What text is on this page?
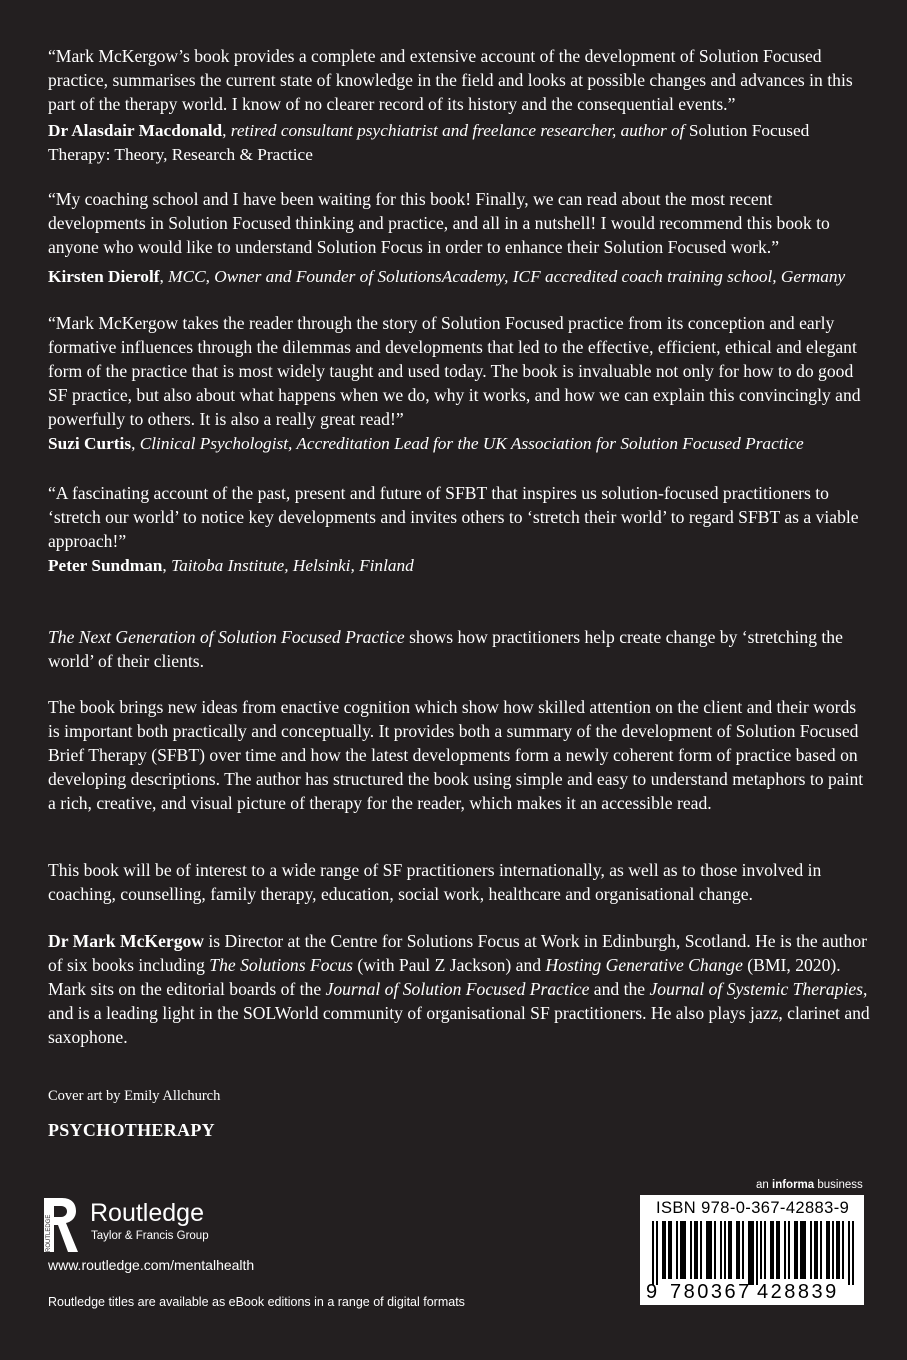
“Mark McKergow’s book provides a complete and extensive account of the development of Solution Focused practice, summarises the current state of knowledge in the field and looks at possible changes and advances in this part of the therapy world. I know of no clearer record of its history and the consequential events.”

Dr Alasdair Macdonald, retired consultant psychiatrist and freelance researcher, author of Solution Focused Therapy: Theory, Research & Practice

“My coaching school and I have been waiting for this book! Finally, we can read about the most recent developments in Solution Focused thinking and practice, and all in a nutshell! I would recommend this book to anyone who would like to understand Solution Focus in order to enhance their Solution Focused work.”

Kirsten Dierolf, MCC, Owner and Founder of SolutionsAcademy, ICF accredited coach training school, Germany

“Mark McKergow takes the reader through the story of Solution Focused practice from its conception and early formative influences through the dilemmas and developments that led to the effective, efficient, ethical and elegant form of the practice that is most widely taught and used today. The book is invaluable not only for how to do good SF practice, but also about what happens when we do, why it works, and how we can explain this convincingly and powerfully to others. It is also a really great read!”

Suzi Curtis, Clinical Psychologist, Accreditation Lead for the UK Association for Solution Focused Practice

“A fascinating account of the past, present and future of SFBT that inspires us solution-focused practitioners to ‘stretch our world’ to notice key developments and invites others to ‘stretch their world’ to regard SFBT as a viable approach!”

Peter Sundman, Taitoba Institute, Helsinki, Finland

The Next Generation of Solution Focused Practice shows how practitioners help create change by ‘stretching the world’ of their clients.

The book brings new ideas from enactive cognition which show how skilled attention on the client and their words is important both practically and conceptually. It provides both a summary of the development of Solution Focused Brief Therapy (SFBT) over time and how the latest developments form a newly coherent form of practice based on developing descriptions. The author has structured the book using simple and easy to understand metaphors to paint a rich, creative, and visual picture of therapy for the reader, which makes it an accessible read.

This book will be of interest to a wide range of SF practitioners internationally, as well as to those involved in coaching, counselling, family therapy, education, social work, healthcare and organisational change.

Dr Mark McKergow is Director at the Centre for Solutions Focus at Work in Edinburgh, Scotland. He is the author of six books including The Solutions Focus (with Paul Z Jackson) and Hosting Generative Change (BMI, 2020). Mark sits on the editorial boards of the Journal of Solution Focused Practice and the Journal of Systemic Therapies, and is a leading light in the SOLWorld community of organisational SF practitioners. He also plays jazz, clarinet and saxophone.

Cover art by Emily Allchurch
PSYCHOTHERAPY
ROUTLEDGE
Routledge
Taylor & Francis Group
www.routledge.com/mentalhealth
Routledge titles are available as eBook editions in a range of digital formats
an informa business
ISBN 978-0-367-42883-9
9 780367 428839
